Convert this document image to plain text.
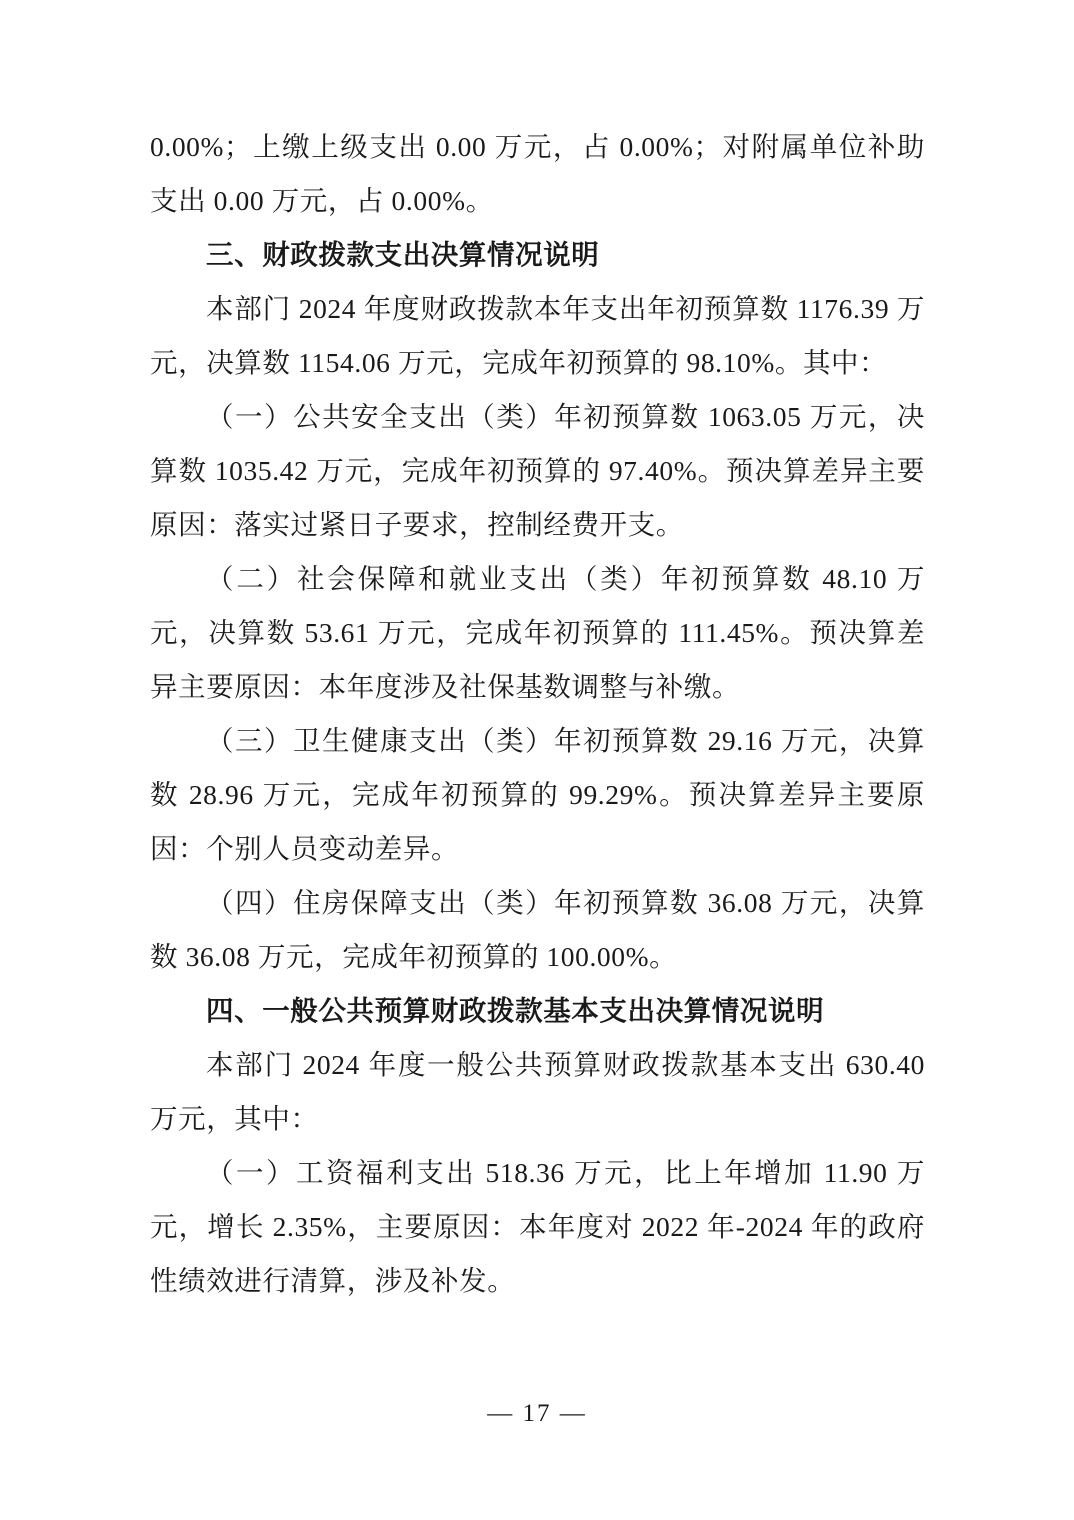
0.00%；上缴上级支出 0.00 万元，占 0.00%；对附属单位补助支出 0.00 万元，占 0.00%。

三、财政拨款支出决算情况说明

本部门 2024 年度财政拨款本年支出年初预算数 1176.39 万元，决算数 1154.06 万元，完成年初预算的 98.10%。其中：

（一）公共安全支出（类）年初预算数 1063.05 万元，决算数 1035.42 万元，完成年初预算的 97.40%。预决算差异主要原因：落实过紧日子要求，控制经费开支。

（二）社会保障和就业支出（类）年初预算数 48.10 万元，决算数 53.61 万元，完成年初预算的 111.45%。预决算差异主要原因：本年度涉及社保基数调整与补缴。

（三）卫生健康支出（类）年初预算数 29.16 万元，决算数 28.96 万元，完成年初预算的 99.29%。预决算差异主要原因：个别人员变动差异。

（四）住房保障支出（类）年初预算数 36.08 万元，决算数 36.08 万元，完成年初预算的 100.00%。

四、一般公共预算财政拨款基本支出决算情况说明

本部门 2024 年度一般公共预算财政拨款基本支出 630.40 万元，其中：

（一）工资福利支出 518.36 万元，比上年增加 11.90 万元，增长 2.35%，主要原因：本年度对 2022 年-2024 年的政府性绩效进行清算，涉及补发。

— 17 —
